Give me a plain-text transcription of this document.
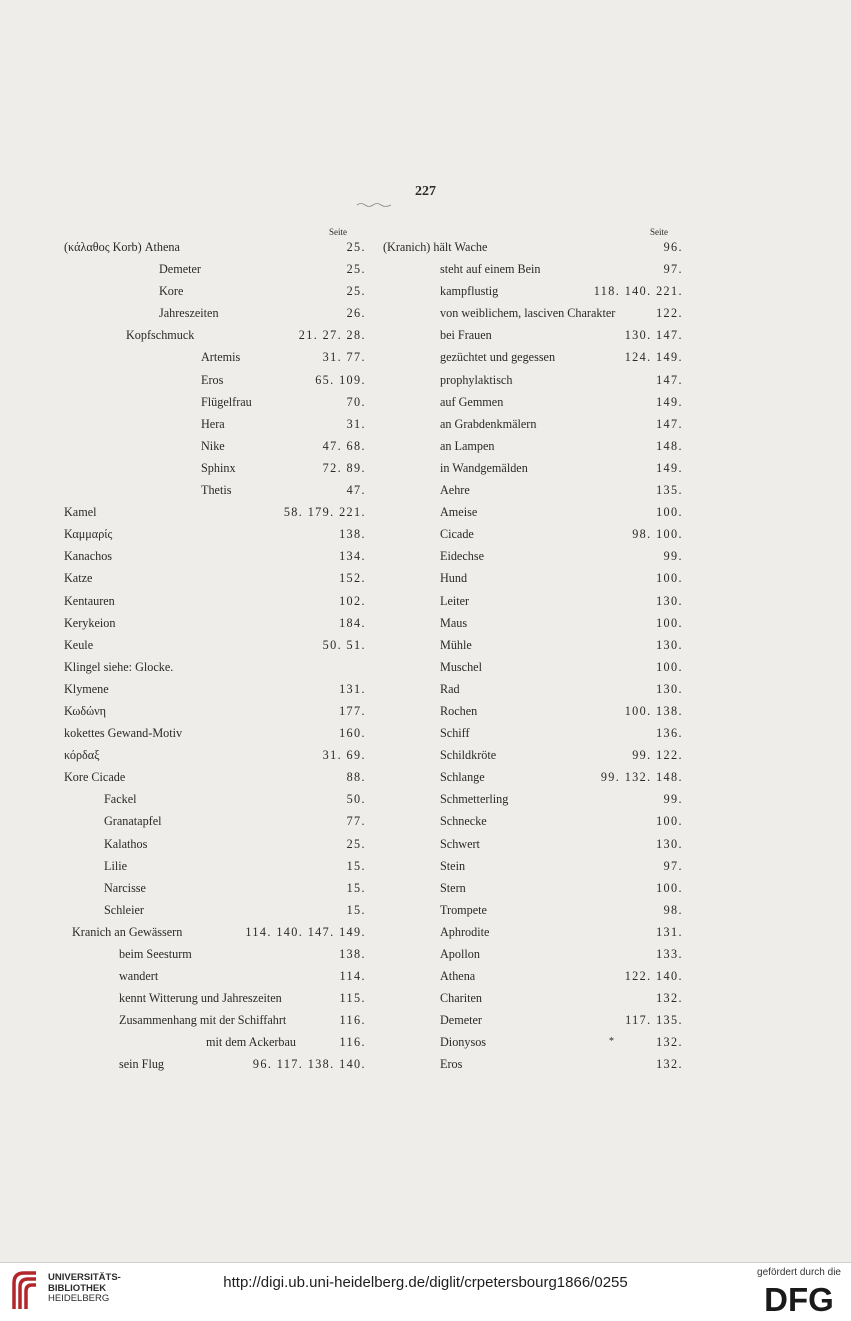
227
Seite	Seite
(κάλαθος Korb) Athena	25.
Demeter	25.
Kore	25.
Jahreszeiten	26.
Kopfschmuck	21. 27. 28.
Artemis	31. 77.
Eros	65. 109.
Flügelfrau	70.
Hera	31.
Nike	47. 68.
Sphinx	72. 89.
Thetis	47.
Kamel	58. 179. 221.
Καμμαρίς	138.
Kanachos	134.
Katze	152.
Kentauren	102.
Kerykeion	184.
Keule	50. 51.
Klingel siehe: Glocke.
Klymene	131.
Κωδώνη	177.
kokettes Gewand-Motiv	160.
κόρδαξ	31. 69.
Kore Cicade	88.
Fackel	50.
Granatapfel	77.
Kalathos	25.
Lilie	15.
Narcisse	15.
Schleier	15.
Kranich an Gewässern	114. 140. 147. 149.
beim Seesturm	138.
wandert	114.
kennt Witterung und Jahreszeiten	115.
Zusammenhang mit der Schiffahrt	116.
mit dem Ackerbau	116.
sein Flug	96. 117. 138. 140.
(Kranich) hält Wache	96.
steht auf einem Bein	97.
kampflustig	118. 140. 221.
von weiblichem, lasciven Charakter	122.
bei Frauen	130. 147.
gezüchtet und gegessen	124. 149.
prophylaktisch	147.
auf Gemmen	149.
an Grabdenkmälern	147.
an Lampen	148.
in Wandgemälden	149.
Aehre	135.
Ameise	100.
Cicade	98. 100.
Eidechse	99.
Hund	100.
Leiter	130.
Maus	100.
Mühle	130.
Muschel	100.
Rad	130.
Rochen	100. 138.
Schiff	136.
Schildkröte	99. 122.
Schlange	99. 132. 148.
Schmetterling	99.
Schnecke	100.
Schwert	130.
Stein	97.
Stern	100.
Trompete	98.
Aphrodite	131.
Apollon	133.
Athena	122. 140.
Chariten	132.
Demeter	117. 135.
Dionysos	132.
Eros	132.
*
UNIVERSITÄTS-
BIBLIOTHEK
HEIDELBERG
http://digi.ub.uni-heidelberg.de/diglit/crpetersbourg1866/0255
gefördert durch die
DFG
